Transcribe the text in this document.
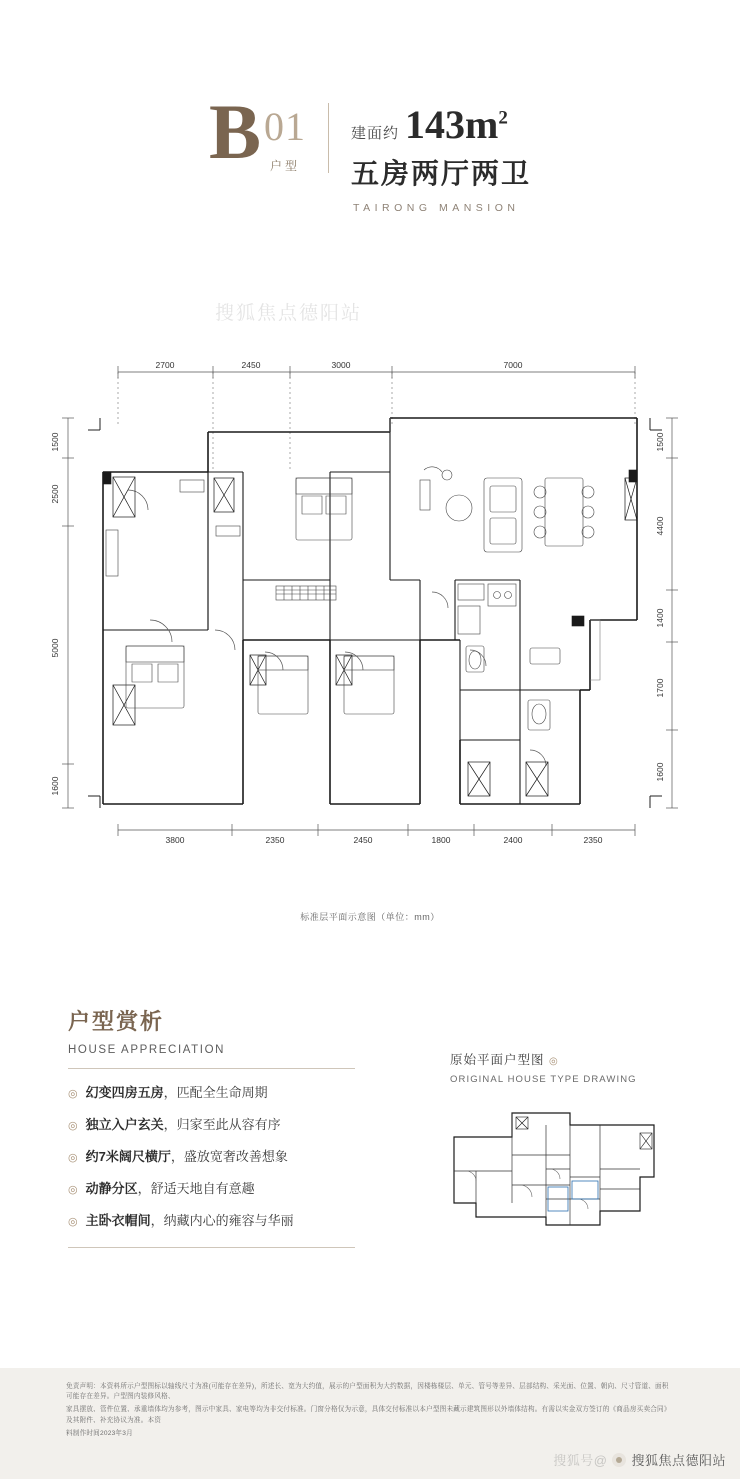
B 01
户型
建面约 $143m^2$
五房两厅两卫
TAIRONG MANSION
搜狐焦点德阳站
2700	2450	3000	7000
3800	2350	2450	1800	2400	2350
1500
2500
5000
1600
1500
4400
1400
1700
1600
标准层平面示意图（单位：mm）
户型赏析
HOUSE APPRECIATION
◎ 幻变四房五房，匹配全生命周期
◎ 独立入户玄关，归家至此从容有序
◎ 约7米阔尺横厅，盛放宽奢改善想象
◎ 动静分区，舒适天地自有意趣
◎ 主卧衣帽间，纳藏内心的雍容与华丽
原始平面户型图 ◎
ORIGINAL HOUSE TYPE DRAWING

免责声明：本资料所示户型图标以轴线尺寸为准(可能存在差异)，所述长、宽为大约值，展示的户型面积为大约数据，因楼栋楼层、单元、管号等差异、层部结构、采光面、位置、朝向、尺寸管道、面积可能存在差异。户型图内装修风格、

家具摆放、管件位置、承重墙体均为参考，图示中家具、家电等均为非交付标准。门窗分格仅为示意，具体交付标准以本户型图未藏示建筑图形以外墙体结构。有需以实金双方签订的《商品房买卖合同》及其附件、补充协议为准。本资

料制作时间2023年3月

搜狐号@ 搜狐焦点德阳站
